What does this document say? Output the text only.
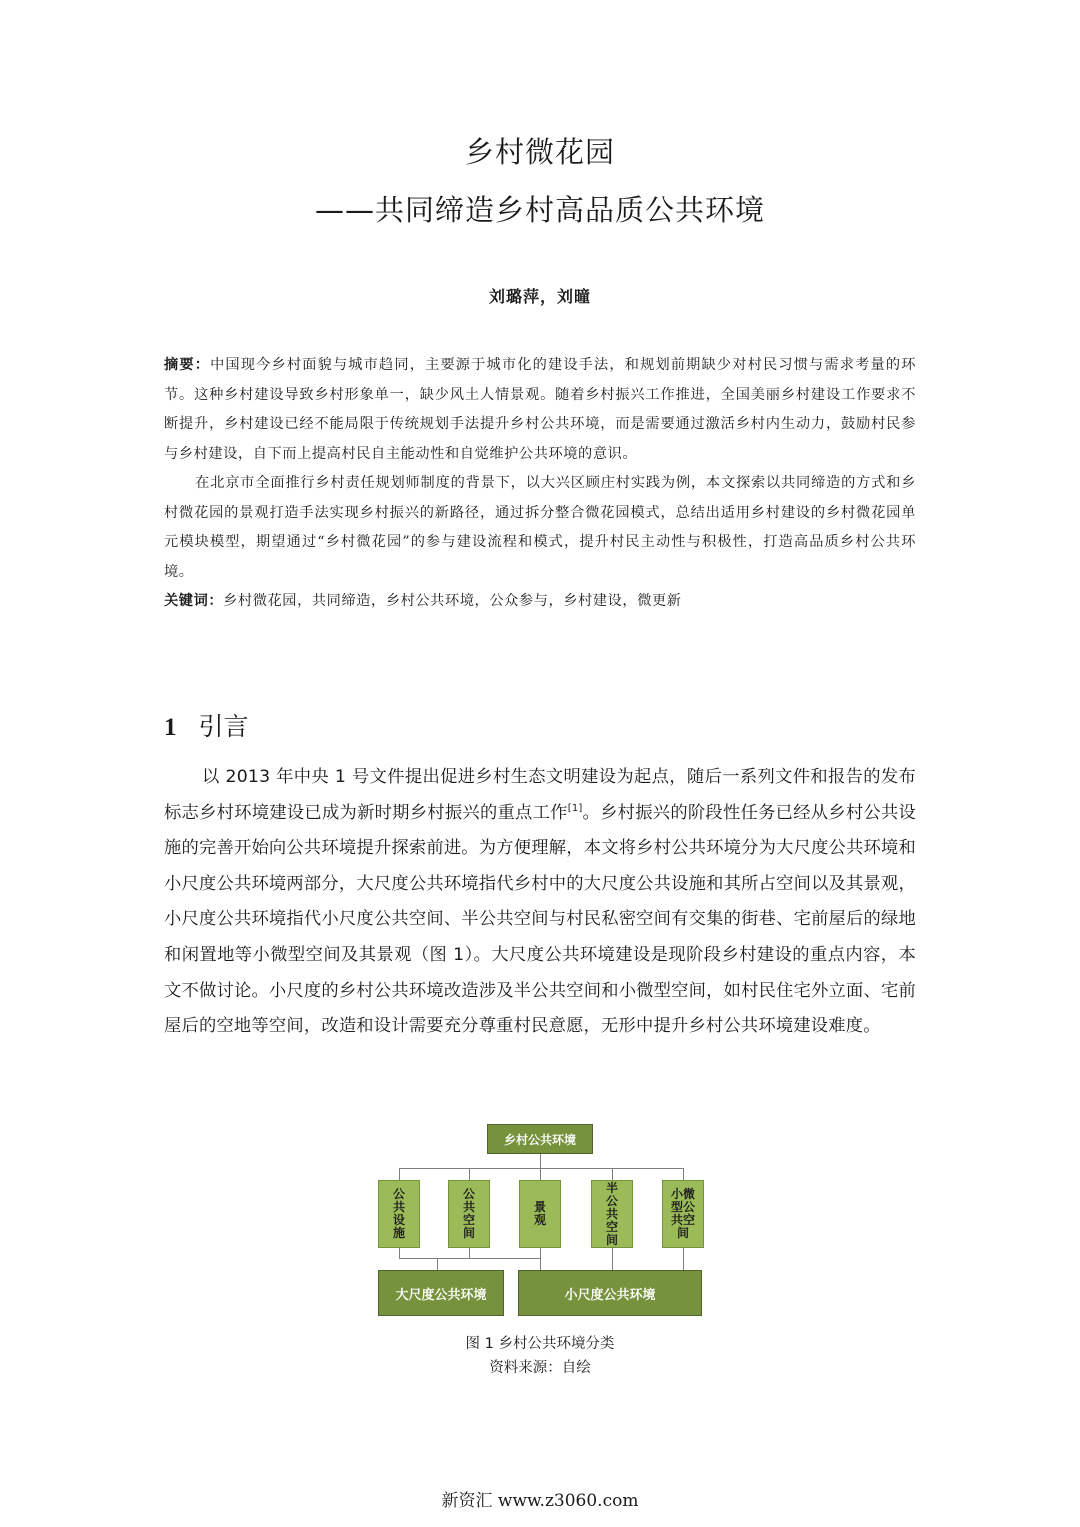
乡村微花园
——共同缔造乡村高品质公共环境
刘璐萍，刘曈

摘要：中国现今乡村面貌与城市趋同，主要源于城市化的建设手法，和规划前期缺少对村民习惯与需求考量的环节。这种乡村建设导致乡村形象单一，缺少风土人情景观。随着乡村振兴工作推进，全国美丽乡村建设工作要求不断提升，乡村建设已经不能局限于传统规划手法提升乡村公共环境，而是需要通过激活乡村内生动力，鼓励村民参与乡村建设，自下而上提高村民自主能动性和自觉维护公共环境的意识。

在北京市全面推行乡村责任规划师制度的背景下，以大兴区顾庄村实践为例，本文探索以共同缔造的方式和乡村微花园的景观打造手法实现乡村振兴的新路径，通过拆分整合微花园模式，总结出适用乡村建设的乡村微花园单元模块模型，期望通过“乡村微花园”的参与建设流程和模式，提升村民主动性与积极性，打造高品质乡村公共环境。

关键词：乡村微花园，共同缔造，乡村公共环境，公众参与，乡村建设，微更新

1 引言

以 2013 年中央 1 号文件提出促进乡村生态文明建设为起点，随后一系列文件和报告的发布标志乡村环境建设已成为新时期乡村振兴的重点工作[1]。乡村振兴的阶段性任务已经从乡村公共设施的完善开始向公共环境提升探索前进。为方便理解，本文将乡村公共环境分为大尺度公共环境和小尺度公共环境两部分，大尺度公共环境指代乡村中的大尺度公共设施和其所占空间以及其景观，小尺度公共环境指代小尺度公共空间、半公共空间与村民私密空间有交集的街巷、宅前屋后的绿地和闲置地等小微型空间及其景观（图 1）。大尺度公共环境建设是现阶段乡村建设的重点内容，本文不做讨论。小尺度的乡村公共环境改造涉及半公共空间和小微型空间，如村民住宅外立面、宅前屋后的空地等空间，改造和设计需要充分尊重村民意愿，无形中提升乡村公共环境建设难度。

乡村公共环境
公共设施
公共空间
景观
半公共空间
小微型公共空间
大尺度公共环境	小尺度公共环境
图 1 乡村公共环境分类
资料来源：自绘
新资汇 www.z3060.com
